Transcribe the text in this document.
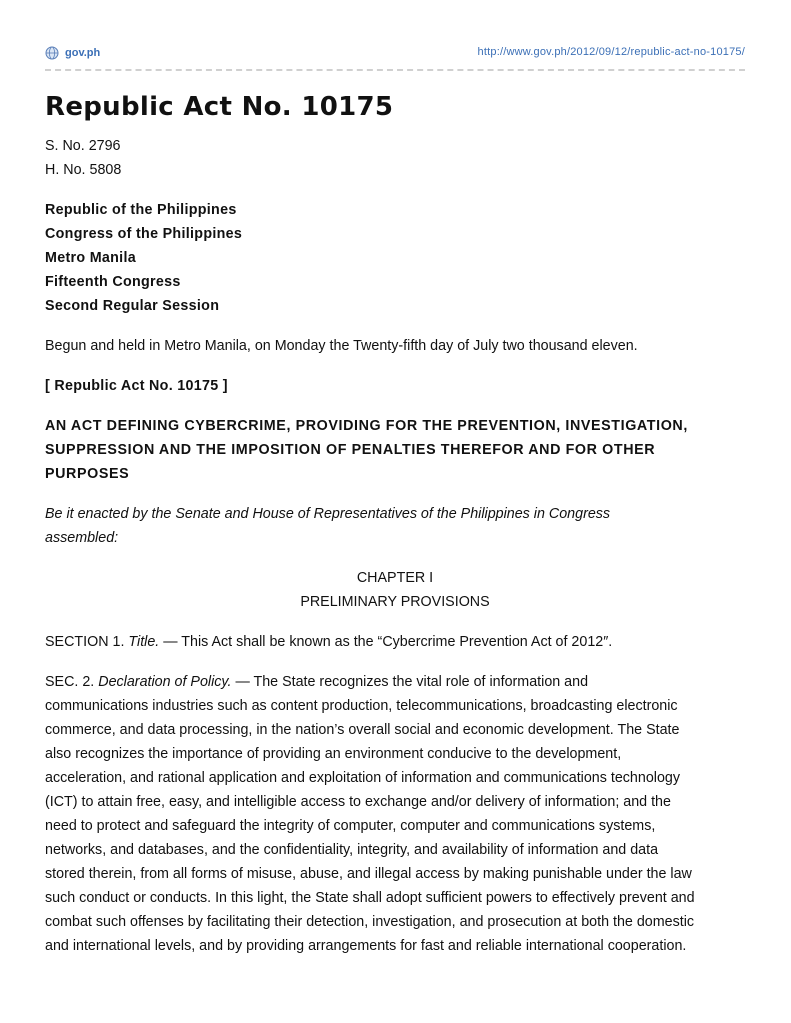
gov.ph	http://www.gov.ph/2012/09/12/republic-act-no-10175/
Republic Act No. 10175

S. No. 2796
H. No. 5808

Republic of the Philippines
Congress of the Philippines
Metro Manila
Fifteenth Congress
Second Regular Session

Begun and held in Metro Manila, on Monday the Twenty-fifth day of July two thousand eleven.

[ Republic Act No. 10175 ]

AN ACT DEFINING CYBERCRIME, PROVIDING FOR THE PREVENTION, INVESTIGATION,
SUPPRESSION AND THE IMPOSITION OF PENALTIES THEREFOR AND FOR OTHER
PURPOSES

Be it enacted by the Senate and House of Representatives of the Philippines in Congress
assembled:

CHAPTER I
PRELIMINARY PROVISIONS

SECTION 1. Title. — This Act shall be known as the “Cybercrime Prevention Act of 2012″.

SEC. 2. Declaration of Policy. — The State recognizes the vital role of information and
communications industries such as content production, telecommunications, broadcasting electronic
commerce, and data processing, in the nation’s overall social and economic development. The State
also recognizes the importance of providing an environment conducive to the development,
acceleration, and rational application and exploitation of information and communications technology
(ICT) to attain free, easy, and intelligible access to exchange and/or delivery of information; and the
need to protect and safeguard the integrity of computer, computer and communications systems,
networks, and databases, and the confidentiality, integrity, and availability of information and data
stored therein, from all forms of misuse, abuse, and illegal access by making punishable under the law
such conduct or conducts. In this light, the State shall adopt sufficient powers to effectively prevent and
combat such offenses by facilitating their detection, investigation, and prosecution at both the domestic
and international levels, and by providing arrangements for fast and reliable international cooperation.
